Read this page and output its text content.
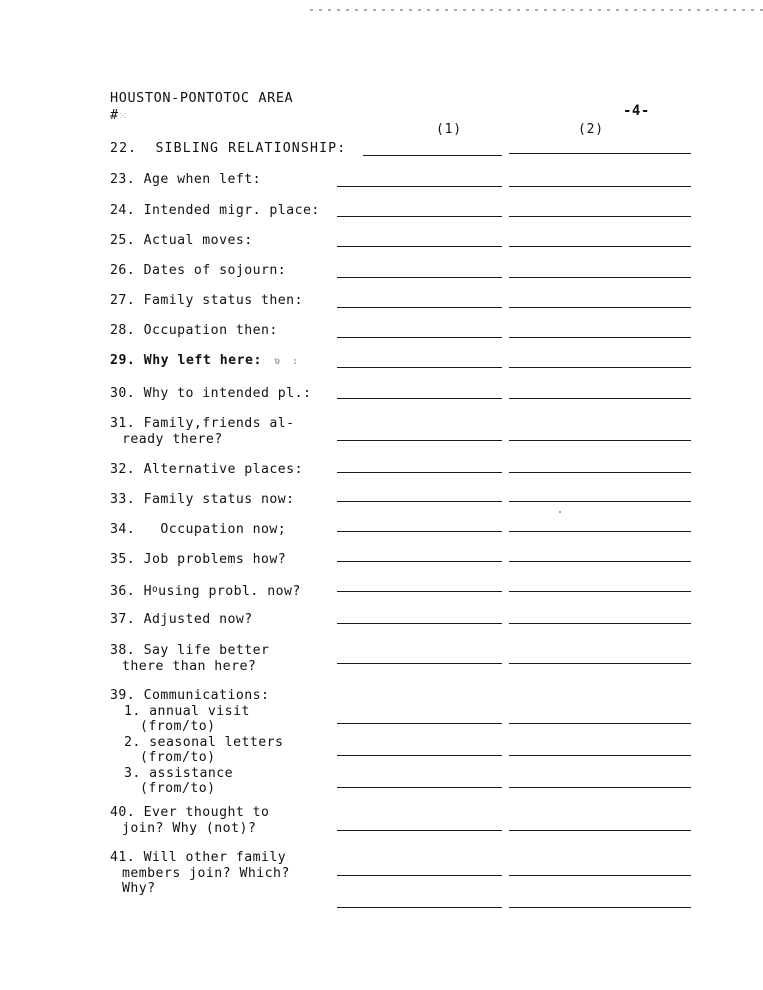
HOUSTON-PONTOTOC AREA
#⁙	-4-
(1)	(2)
22. SIBLING RELATIONSHIP:
23. Age when left:
24. Intended migr. place:
25. Actual moves:
26. Dates of sojourn:
27. Family status then:
28. Occupation then:
29. Why left here:  ʋ  :
30. Why to intended pl.:
31. Family,friends al-
ready there?
32. Alternative places:
33. Family status now:
34. Occupation now;
35. Job problems how?
36. $H^ousing$ probl. now?
37. Adjusted now?
38. Say life better
there than here?
39. Communications:
1. annual visit
(from/to)
2. seasonal letters
(from/to)
3. assistance
(from/to)
40. Ever thought to
join? Why (not)?
41. Will other family
members join? Which?
Why?
